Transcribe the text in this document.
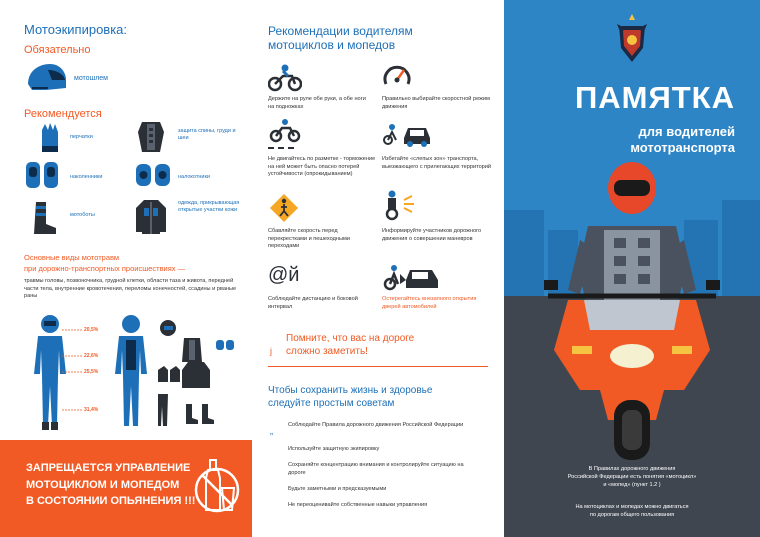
Мотоэкипировка:
Обязательно
мотошлем
Рекомендуется
перчатки
защита спины, груди и шеи
наколенники	налокотники
мотоботы
одежда, прикрывающая открытые участки кожи
Основные виды мототравм
при дорожно-транспортных происшествиях —
травмы головы, позвоночника, грудной клетки, области таза и живота, передней части тела, внутренние кровотечения, переломы конечностей, ссадины и рваные раны
20,5%
22,6%
25,5%
31,4%
ЗАПРЕЩАЕТСЯ УПРАВЛЕНИЕ
МОТОЦИКЛОМ И МОПЕДОМ
В СОСТОЯНИИ ОПЬЯНЕНИЯ !!!
Рекомендации водителям
мотоциклов и мопедов
Держите на руле обе руки, а обе ноги на подножках
Правильно выбирайте скоростной режим движения
Не двигайтесь по разметке - торможение на ней может быть опасно потерей устойчивости (опрокидыванием)
Избегайте «слепых зон» транспорта, выезжающего с прилегающих территорий
Сбавляйте скорость перед перекрестками и пешеходными переходами
Информируйте участников дорожного движения о совершении маневров
@й
Соблюдайте дистанцию и боковой интервал
Остерегайтесь внезапного открытия дверей автомобилей
j
Помните, что вас на дороге
сложно заметить!
Чтобы сохранить жизнь и здоровье
следуйте простым советам
„
Соблюдайте Правила дорожного движения Российской Федерации
Используйте защитную экипировку
Сохраняйте концентрацию внимания и контролируйте ситуацию на дороге
Будьте заметными и предсказуемыми
Не переоценивайте собственные навыки управления
ПАМЯТКА
для водителей
мототранспорта
В Правилах дорожного движения
Российской Федерации есть понятия «мотоцикл»
и «мопед» (пункт 1.2 )
На мотоциклах и мопедах можно двигаться
по дорогам общего пользования
